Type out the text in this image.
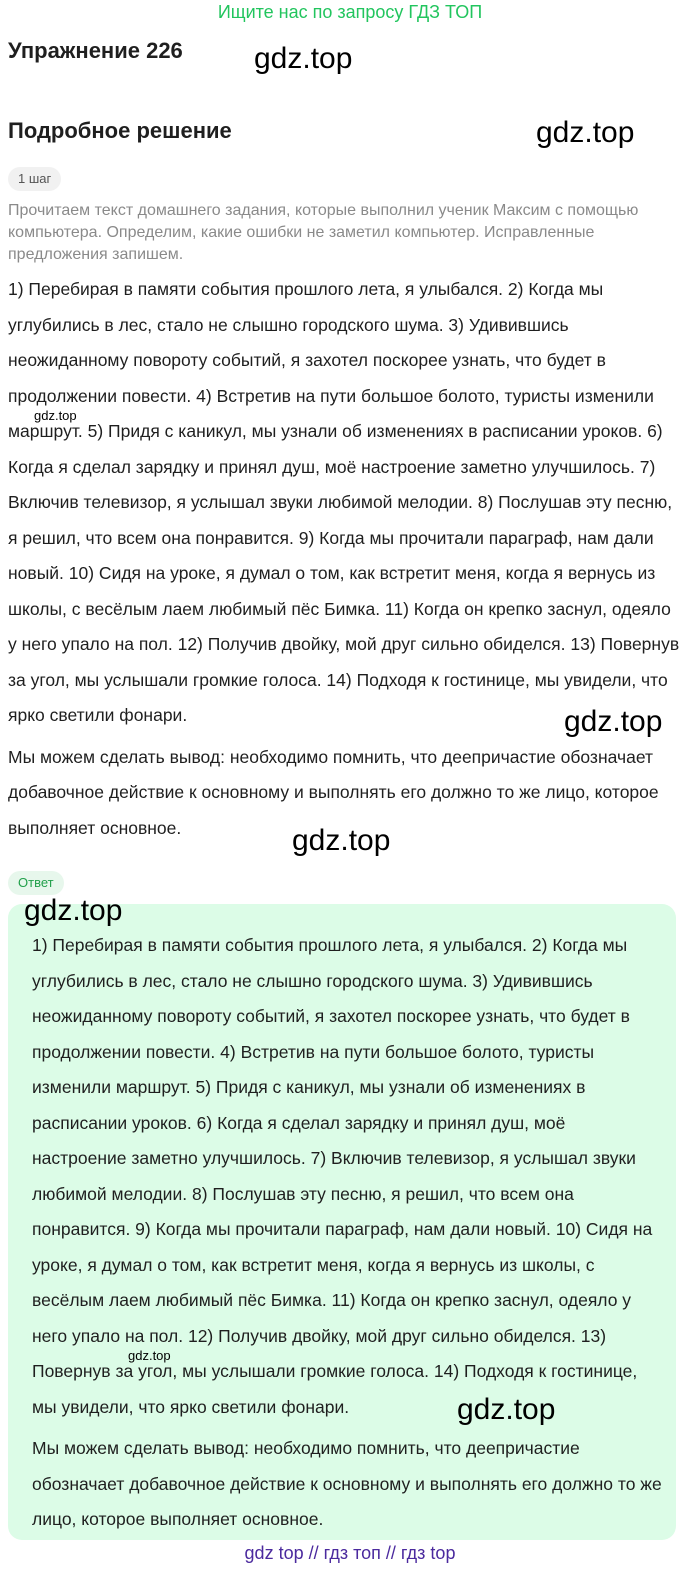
Ищите нас по запросу ГДЗ ТОП
Упражнение 226 gdz.top
Подробное решение	gdz.top
1 шаг
Прочитаем текст домашнего задания, которые выполнил ученик Максим с помощью компьютера. Определим, какие ошибки не заметил компьютер. Исправленные предложения запишем.

1) Перебирая в памяти события прошлого лета, я улыбался. 2) Когда мы углубились в лес, стало не слышно городского шума. 3) Удивившись неожиданному повороту событий, я захотел поскорее узнать, что будет в продолжении повести. 4) Встретив на пути большое болото, туристы изменили маршрут. 5) Придя с каникул, мы узнали об изменениях в расписании уроков. 6) Когда я сделал зарядку и принял душ, моё настроение заметно улучшилось. 7) Включив телевизор, я услышал звуки любимой мелодии. 8) Послушав эту песню, я решил, что всем она понравится. 9) Когда мы прочитали параграф, нам дали новый. 10) Сидя на уроке, я думал о том, как встретит меня, когда я вернусь из школы, с весёлым лаем любимый пёс Бимка. 11) Когда он крепко заснул, одеяло у него упало на пол. 12) Получив двойку, мой друг сильно обиделся. 13) Повернув за угол, мы услышали громкие голоса. 14) Подходя к гостинице, мы увидели, что ярко светили фонари.

Мы можем сделать вывод: необходимо помнить, что деепричастие обозначает добавочное действие к основному и выполнять его должно то же лицо, которое выполняет основное.

gdz.top
gdz.top
gdz.top
Ответ
gdz.top

1) Перебирая в памяти события прошлого лета, я улыбался. 2) Когда мы углубились в лес, стало не слышно городского шума. 3) Удивившись неожиданному повороту событий, я захотел поскорее узнать, что будет в продолжении повести. 4) Встретив на пути большое болото, туристы изменили маршрут. 5) Придя с каникул, мы узнали об изменениях в расписании уроков. 6) Когда я сделал зарядку и принял душ, моё настроение заметно улучшилось. 7) Включив телевизор, я услышал звуки любимой мелодии. 8) Послушав эту песню, я решил, что всем она понравится. 9) Когда мы прочитали параграф, нам дали новый. 10) Сидя на уроке, я думал о том, как встретит меня, когда я вернусь из школы, с весёлым лаем любимый пёс Бимка. 11) Когда он крепко заснул, одеяло у него упало на пол. 12) Получив двойку, мой друг сильно обиделся. 13) Повернув за угол, мы услышали громкие голоса. 14) Подходя к гостинице, мы увидели, что ярко светили фонари.

Мы можем сделать вывод: необходимо помнить, что деепричастие обозначает добавочное действие к основному и выполнять его должно то же лицо, которое выполняет основное.

gdz.top
gdz.top
gdz top // гдз топ // гдз top
